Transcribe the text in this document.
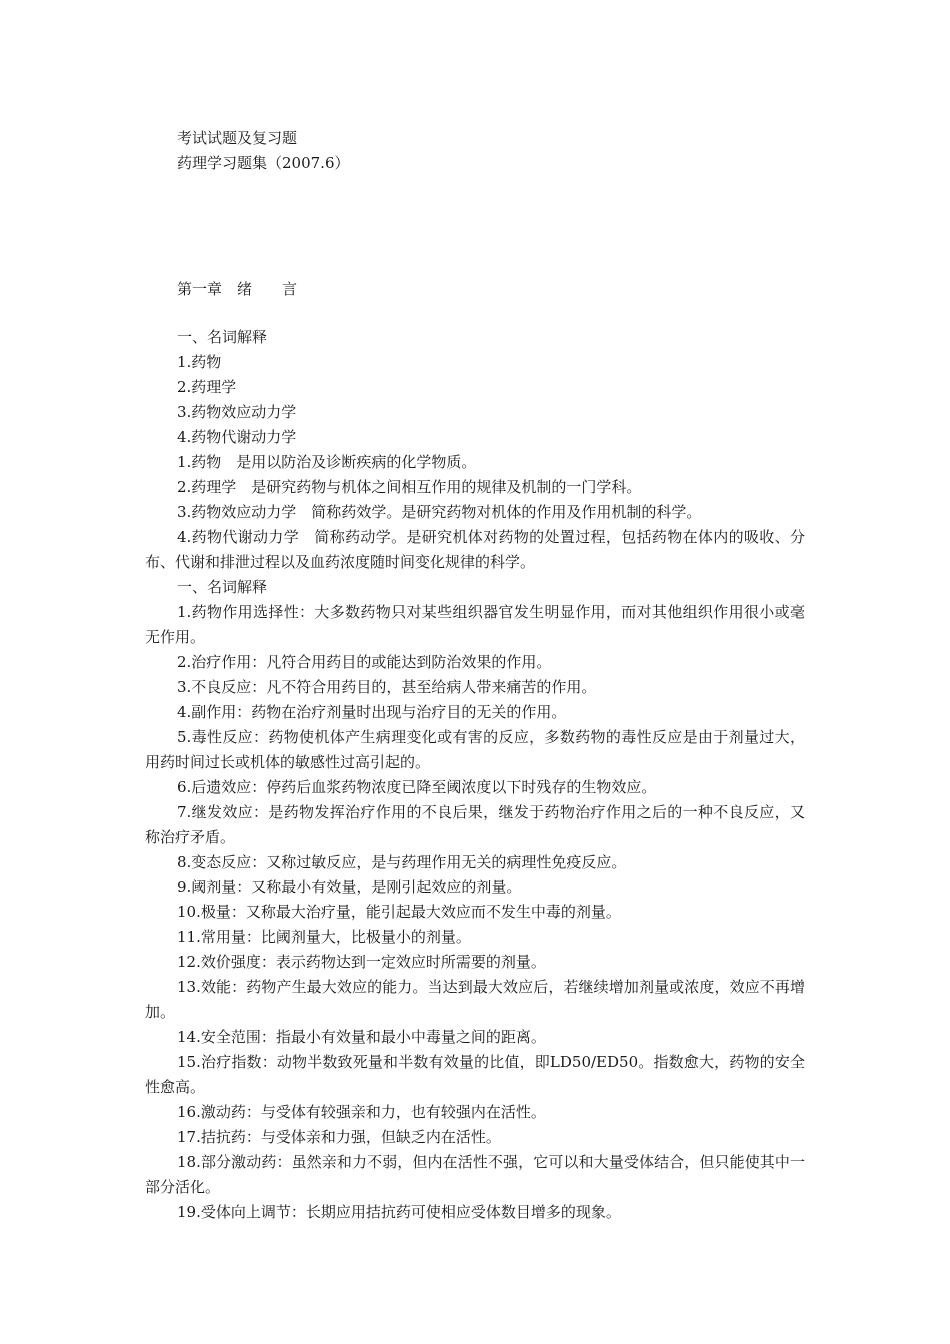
考试试题及复习题
药理学习题集（2007.6）
第一章　绪　　言

一、名词解释

1.药物

2.药理学

3.药物效应动力学

4.药物代谢动力学

1.药物　是用以防治及诊断疾病的化学物质。

2.药理学　是研究药物与机体之间相互作用的规律及机制的一门学科。

3.药物效应动力学　简称药效学。是研究药物对机体的作用及作用机制的科学。

4.药物代谢动力学　简称药动学。是研究机体对药物的处置过程，包括药物在体内的吸收、分布、代谢和排泄过程以及血药浓度随时间变化规律的科学。

一、名词解释

1.药物作用选择性：大多数药物只对某些组织器官发生明显作用，而对其他组织作用很小或毫无作用。

2.治疗作用：凡符合用药目的或能达到防治效果的作用。

3.不良反应：凡不符合用药目的，甚至给病人带来痛苦的作用。

4.副作用：药物在治疗剂量时出现与治疗目的无关的作用。

5.毒性反应：药物使机体产生病理变化或有害的反应，多数药物的毒性反应是由于剂量过大，用药时间过长或机体的敏感性过高引起的。

6.后遗效应：停药后血浆药物浓度已降至阈浓度以下时残存的生物效应。

7.继发效应：是药物发挥治疗作用的不良后果，继发于药物治疗作用之后的一种不良反应，又称治疗矛盾。

8.变态反应：又称过敏反应，是与药理作用无关的病理性免疫反应。

9.阈剂量：又称最小有效量，是刚引起效应的剂量。

10.极量：又称最大治疗量，能引起最大效应而不发生中毒的剂量。

11.常用量：比阈剂量大，比极量小的剂量。

12.效价强度：表示药物达到一定效应时所需要的剂量。

13.效能：药物产生最大效应的能力。当达到最大效应后，若继续增加剂量或浓度，效应不再增加。

14.安全范围：指最小有效量和最小中毒量之间的距离。

15.治疗指数：动物半数致死量和半数有效量的比值，即LD50/ED50。指数愈大，药物的安全性愈高。

16.激动药：与受体有较强亲和力，也有较强内在活性。

17.拮抗药：与受体亲和力强，但缺乏内在活性。

18.部分激动药：虽然亲和力不弱，但内在活性不强，它可以和大量受体结合，但只能使其中一部分活化。

19.受体向上调节：长期应用拮抗药可使相应受体数目增多的现象。
